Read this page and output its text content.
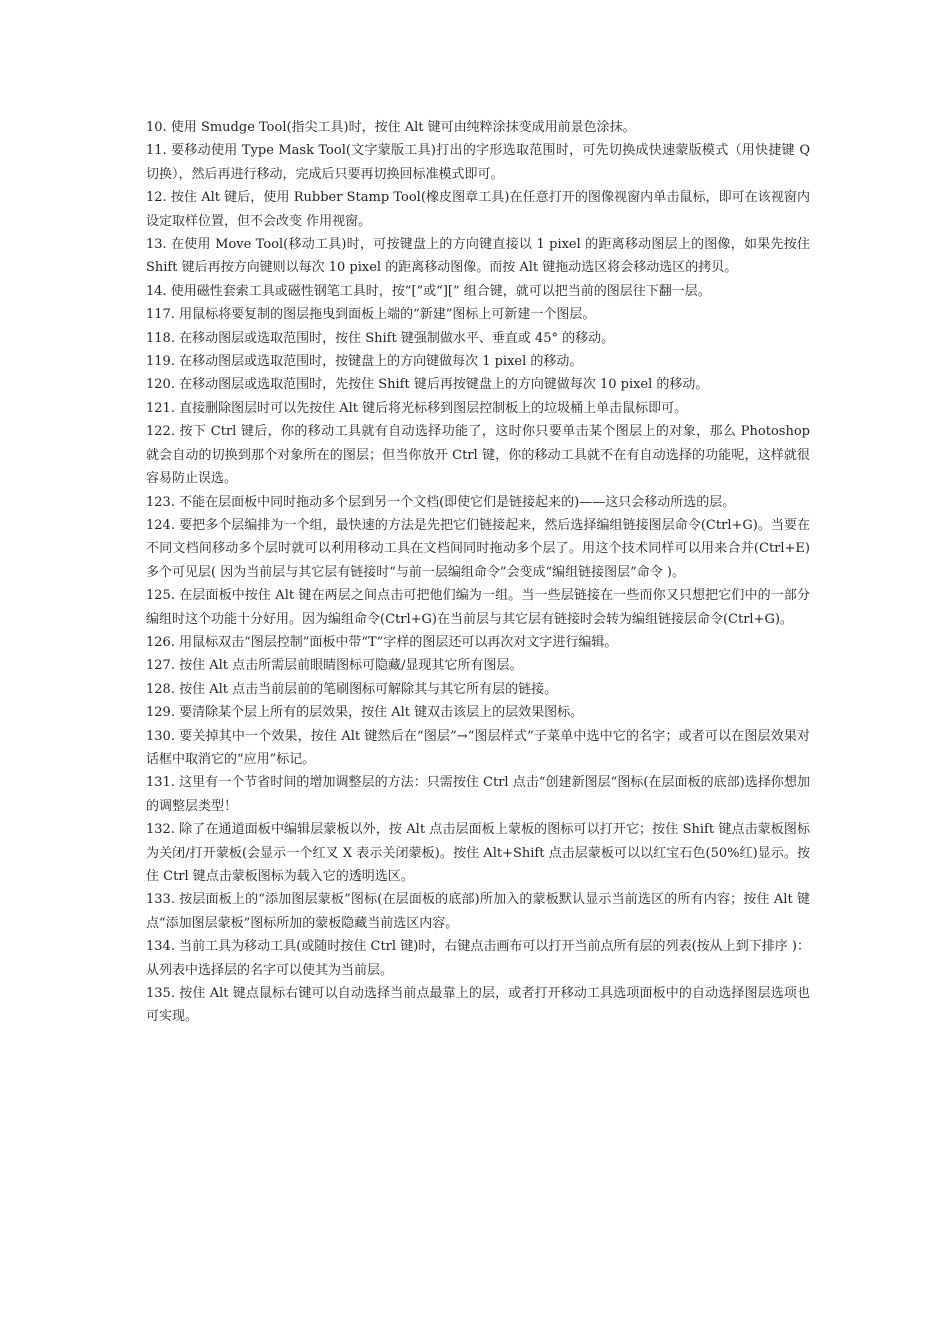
10. 使用 Smudge Tool(指尖工具)时，按住 Alt 键可由纯粹涂抹变成用前景色涂抹。

11. 要移动使用 Type Mask Tool(文字蒙版工具)打出的字形选取范围时，可先切换成快速蒙版模式（用快捷键 Q 切换），然后再进行移动，完成后只要再切换回标准模式即可。

12. 按住 Alt 键后，使用 Rubber Stamp Tool(橡皮图章工具)在任意打开的图像视窗内单击鼠标，即可在该视窗内设定取样位置，但不会改变 作用视窗。

13. 在使用 Move Tool(移动工具)时，可按键盘上的方向键直接以 1 pixel 的距离移动图层上的图像，如果先按住 Shift 键后再按方向键则以每次 10 pixel 的距离移动图像。而按 Alt 键拖动选区将会移动选区的拷贝。

14. 使用磁性套索工具或磁性钢笔工具时，按“[”或“][” 组合键，就可以把当前的图层往下翻一层。

117. 用鼠标将要复制的图层拖曳到面板上端的“新建”图标上可新建一个图层。

118. 在移动图层或选取范围时，按住 Shift 键强制做水平、垂直或 45° 的移动。

119. 在移动图层或选取范围时，按键盘上的方向键做每次 1 pixel 的移动。

120. 在移动图层或选取范围时，先按住 Shift 键后再按键盘上的方向键做每次 10 pixel 的移动。

121. 直接删除图层时可以先按住 Alt 键后将光标移到图层控制板上的垃圾桶上单击鼠标即可。

122. 按下 Ctrl 键后，你的移动工具就有自动选择功能了，这时你只要单击某个图层上的对象，那么 Photoshop 就会自动的切换到那个对象所在的图层；但当你放开 Ctrl 键，你的移动工具就不在有自动选择的功能呢，这样就很容易防止误选。

123. 不能在层面板中同时拖动多个层到另一个文档(即使它们是链接起来的)——这只会移动所选的层。

124. 要把多个层编排为一个组，最快速的方法是先把它们链接起来，然后选择编组链接图层命令(Ctrl+G)。当要在不同文档间移动多个层时就可以利用移动工具在文档间同时拖动多个层了。用这个技术同样可以用来合并(Ctrl+E)多个可见层( 因为当前层与其它层有链接时“与前一层编组命令”会变成“编组链接图层”命令 )。

125. 在层面板中按住 Alt 键在两层之间点击可把他们编为一组。当一些层链接在一些而你又只想把它们中的一部分编组时这个功能十分好用。因为编组命令(Ctrl+G)在当前层与其它层有链接时会转为编组链接层命令(Ctrl+G)。

126. 用鼠标双击“图层控制”面板中带“T”字样的图层还可以再次对文字进行编辑。

127. 按住 Alt 点击所需层前眼睛图标可隐藏/显现其它所有图层。

128. 按住 Alt 点击当前层前的笔刷图标可解除其与其它所有层的链接。

129. 要清除某个层上所有的层效果，按住 Alt 键双击该层上的层效果图标。

130. 要关掉其中一个效果，按住 Alt 键然后在“图层”→“图层样式”子菜单中选中它的名字；或者可以在图层效果对话框中取消它的“应用”标记。

131. 这里有一个节省时间的增加调整层的方法：只需按住 Ctrl 点击“创建新图层“图标(在层面板的底部)选择你想加的调整层类型！

132. 除了在通道面板中编辑层蒙板以外，按 Alt 点击层面板上蒙板的图标可以打开它；按住 Shift 键点击蒙板图标为关闭/打开蒙板(会显示一个红叉 X 表示关闭蒙板)。按住 Alt+Shift 点击层蒙板可以以红宝石色(50%红)显示。按住 Ctrl 键点击蒙板图标为载入它的透明选区。

133. 按层面板上的“添加图层蒙板”图标(在层面板的底部)所加入的蒙板默认显示当前选区的所有内容；按住 Alt 键点“添加图层蒙板”图标所加的蒙板隐藏当前选区内容。

134. 当前工具为移动工具(或随时按住 Ctrl 键)时，右键点击画布可以打开当前点所有层的列表(按从上到下排序 )：从列表中选择层的名字可以使其为当前层。

135. 按住 Alt 键点鼠标右键可以自动选择当前点最靠上的层，或者打开移动工具选项面板中的自动选择图层选项也可实现。
